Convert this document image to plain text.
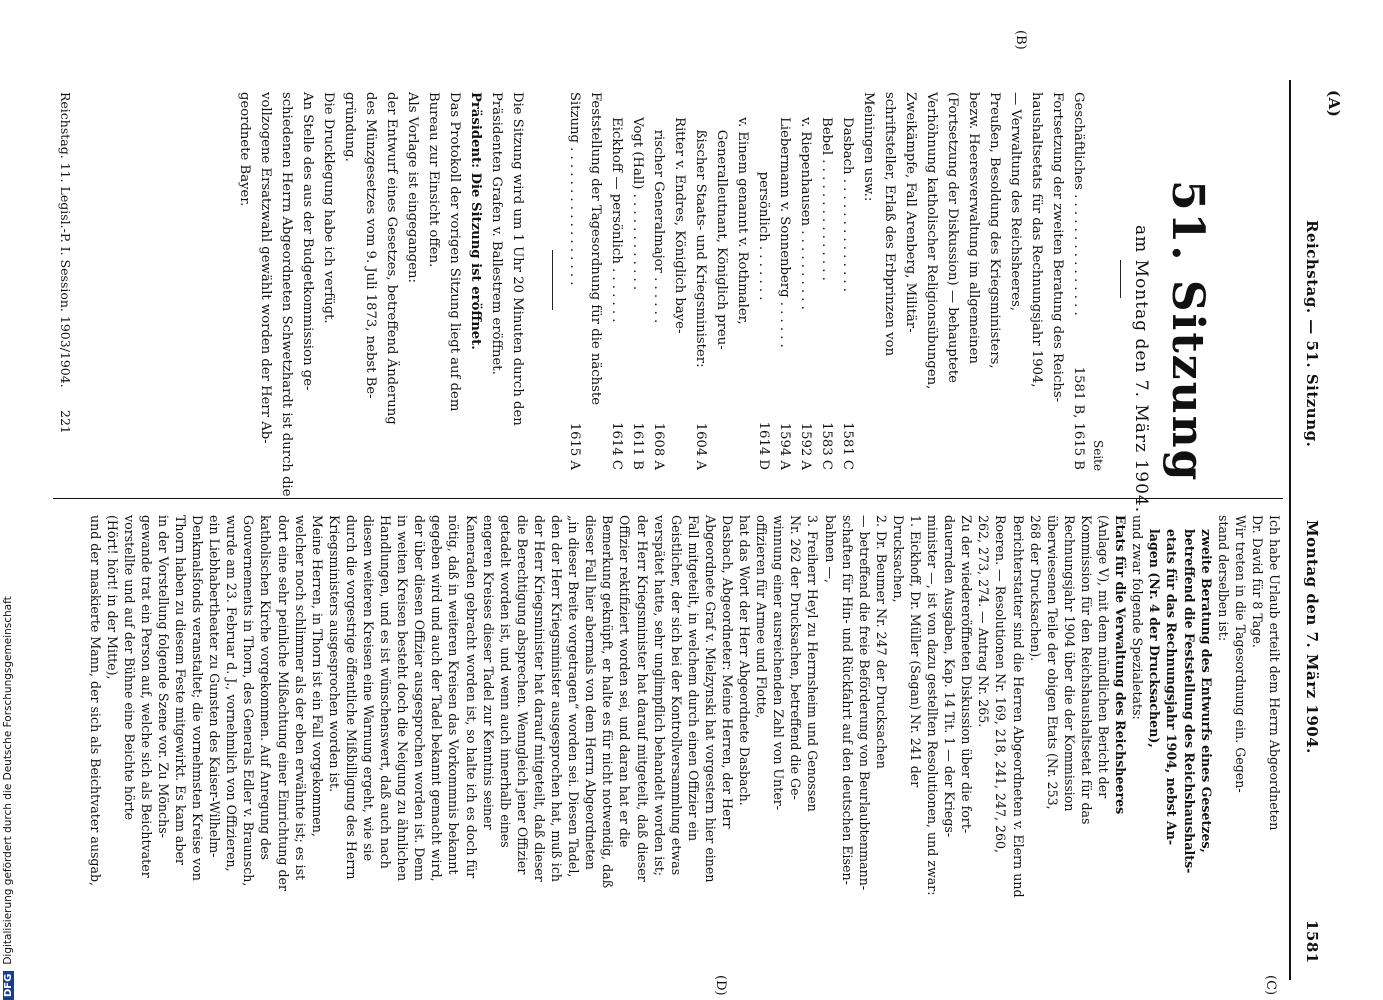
(A)
Reichstag. — 51. Sitzung.
Montag den 7. März 1904.
1581
51. Sitzung
am Montag den 7. März 1904.
Seite
Geschäftliches . . . . . . . . . . . . . . .
1581 B, 1615 B
Fortsetzung der zweiten Beratung des Reichs-
haushaltsetats für das Rechnungsjahr 1904,
— Verwaltung des Reichsheeres,
Preußen, Besoldung des Kriegsministers,
bezw. Heeresverwaltung im allgemeinen
(Fortsetzung der Diskussion) — behauptete
Verhöhnung katholischer Religionsübungen,
Zweikämpfe, Fall Arenberg, Militär-
schriftsteller, Erlaß des Erbprinzen von
Meiningen usw.:
Dasbach . . . . . . . . . . . . . .
1581 C
Bebel . . . . . . . . . . . . . . .
1583 C
v. Riepenhausen . . . . . . . . . .
1592 A
Liebermann v. Sonnenberg . . . . . .
1594 A
persönlich . . . . . . .
1614 D
v. Einem genannt v. Rothmaler,
Generalleutnant, Königlich preu-
ßischer Staats- und Kriegsminister:
1604 A
Ritter v. Endres, Königlich baye-
rischer Generalmajor . . . . . .
1608 A
Vogt (Hall) . . . . . . . . . . . .
1611 B
Eickhoff — persönlich . . . . . . .
1614 C
Feststellung der Tagesordnung für die nächste
Sitzung . . . . . . . . . . . . . . . . .
1615 A
(B)
Die Sitzung wird um 1 Uhr 20 Minuten durch den
Präsidenten Grafen v. Ballestrem eröffnet.
Präsident: Die Sitzung ist eröffnet.
Das Protokoll der vorigen Sitzung liegt auf dem
Bureau zur Einsicht offen.
Als Vorlage ist eingegangen:
der Entwurf eines Gesetzes, betreffend Änderung
des Münzgesetzes vom 9. Juli 1873, nebst Be-
gründung.
Die Drucklegung habe ich verfügt.
An Stelle des aus der Budgetkommission ge-
schiedenen Herrn Abgeordneten Schwetzhardt ist durch die
vollzogene Ersatzwahl gewählt worden der Herr Ab-
geordnete Bayer.
Reichstag. 11. Legisl.-P. I. Session. 1903/1904.
221
(C)
(D)
Ich habe Urlaub erteilt dem Herrn Abgeordneten
Dr. David für 8 Tage.
Wir treten in die Tagesordnung ein. Gegen-
stand derselben ist:
zweite Beratung des Entwurfs eines Gesetzes,
betreffend die Feststellung des Reichshaushalts-
etats für das Rechnungsjahr 1904, nebst An-
lagen (Nr. 4 der Drucksachen),
und zwar folgende Spezialetats:
Etats für die Verwaltung des Reichsheeres
(Anlage V), mit dem mündlichen Bericht der
Kommission für den Reichshaushaltsetat für das
Rechnungsjahr 1904 über die der Kommission
überwiesenen Teile der obigen Etats (Nr. 253,
268 der Drucksachen).
Berichterstatter sind die Herren Abgeordneten v. Elern und
Roeren. — Resolutionen Nr. 169, 218, 241, 247, 260,
262, 273, 274. — Antrag Nr. 265.
Zu der wiedereröffneten Diskussion über die fort-
dauernden Ausgaben, Kap. 14 Tit. 1 — der Kriegs-
minister —, ist von dazu gestellten Resolutionen, und zwar:
1. Eickhoff, Dr. Müller (Sagan) Nr. 241 der
Drucksachen,
2. Dr. Beumer Nr. 247 der Drucksachen
— betreffend die freie Beförderung von Beurlaubtenmann-
schaften für Hin- und Rückfahrt auf den deutschen Eisen-
bahnen —,
3. Freiherr Heyl zu Herrnsheim und Genossen
Nr. 262 der Drucksachen, betreffend die Ge-
winnung einer ausreichenden Zahl von Unter-
offizieren für Armee und Flotte,
hat das Wort der Herr Abgeordnete Dasbach.
Dasbach, Abgeordneter: Meine Herren, der Herr
Abgeordnete Graf v. Mielzynski hat vorgestern hier einen
Fall mitgeteilt, in welchem durch einen Offizier ein
Geistlicher, der sich bei der Kontrollversammlung etwas
verspätet hatte, sehr unglimpflich behandelt worden ist;
der Herr Kriegsminister hat darauf mitgeteilt, daß dieser
Offizier rektifiziert worden sei, und daran hat er die
Bemerkung geknüpft, er halte es für nicht notwendig, daß
dieser Fall hier abermals von dem Herrn Abgeordneten
„in dieser Breite vorgetragen“ worden sei. Diesen Tadel,
den der Herr Kriegsminister ausgesprochen hat, muß ich
der Herr Kriegsminister hat darauf mitgeteilt, daß dieser
die Berechtigung absprechen. Wenngleich jener Offizier
getadelt worden ist, und wenn auch innerhalb eines
engeren Kreises dieser Tadel zur Kenntnis seiner
Kameraden gebracht worden ist, so halte ich es doch für
nötig, daß in weiteren Kreisen das Vorkommnis bekannt
gegeben wird und auch der Tadel bekannt gemacht wird,
der über diesen Offizier ausgesprochen worden ist. Denn
in weiten Kreisen besteht doch die Neigung zu ähnlichen
Handlungen, und es ist wünschenswert, daß auch nach
diesen weiteren Kreisen eine Warnung ergeht, wie sie
durch die vorgestrige öffentliche Mißbilligung des Herrn
Kriegsministers ausgesprochen worden ist.
Meine Herren, in Thorn ist ein Fall vorgekommen,
welcher noch schlimmer als der eben erwähnte ist; es ist
dort eine sehr peinliche Mißachtung einer Einrichtung der
katholischen Kirche vorgekommen. Auf Anregung des
Gouvernements in Thorn, des Generals Edler v. Braunsch,
wurde am 23. Februar d. J., vornehmlich von Offizieren,
ein Liebhabertheater zu Gunsten des Kaiser-Wilhelm-
Denkmalsfonds veranstaltet; die vornehmsten Kreise von
Thorn haben zu diesem Feste mitgewirkt. Es kam aber
in der Vorstellung folgende Szene vor. Zu Mönchs-
gewande trat ein Person auf, welche sich als Beichtvater
vorstellte und auf der Bühne eine Beichte hörte
(Hört! hört! in der Mitte),
und der maskierte Mann, der sich als Beichtvater ausgab,
DFGDigitalisierung gefördert durch die Deutsche Forschungsgemeinschaft
